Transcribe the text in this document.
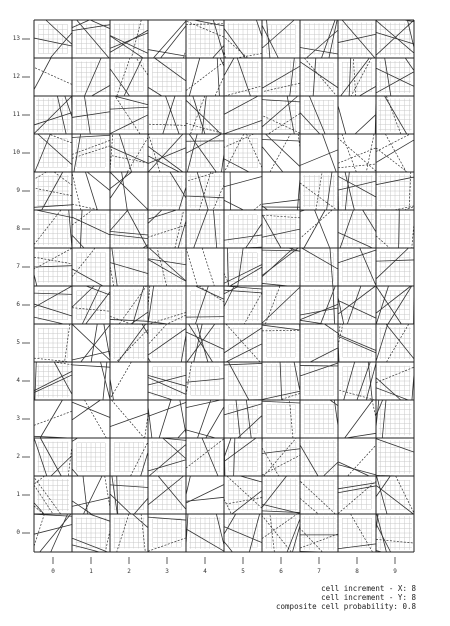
13
12
11
10
9
8
7
6
5
4
3
2
1
0
0	1	2	3	4	5	6	7	8	9
cell increment - X: 8
cell increment - Y: 8
composite cell probability: 0.8
